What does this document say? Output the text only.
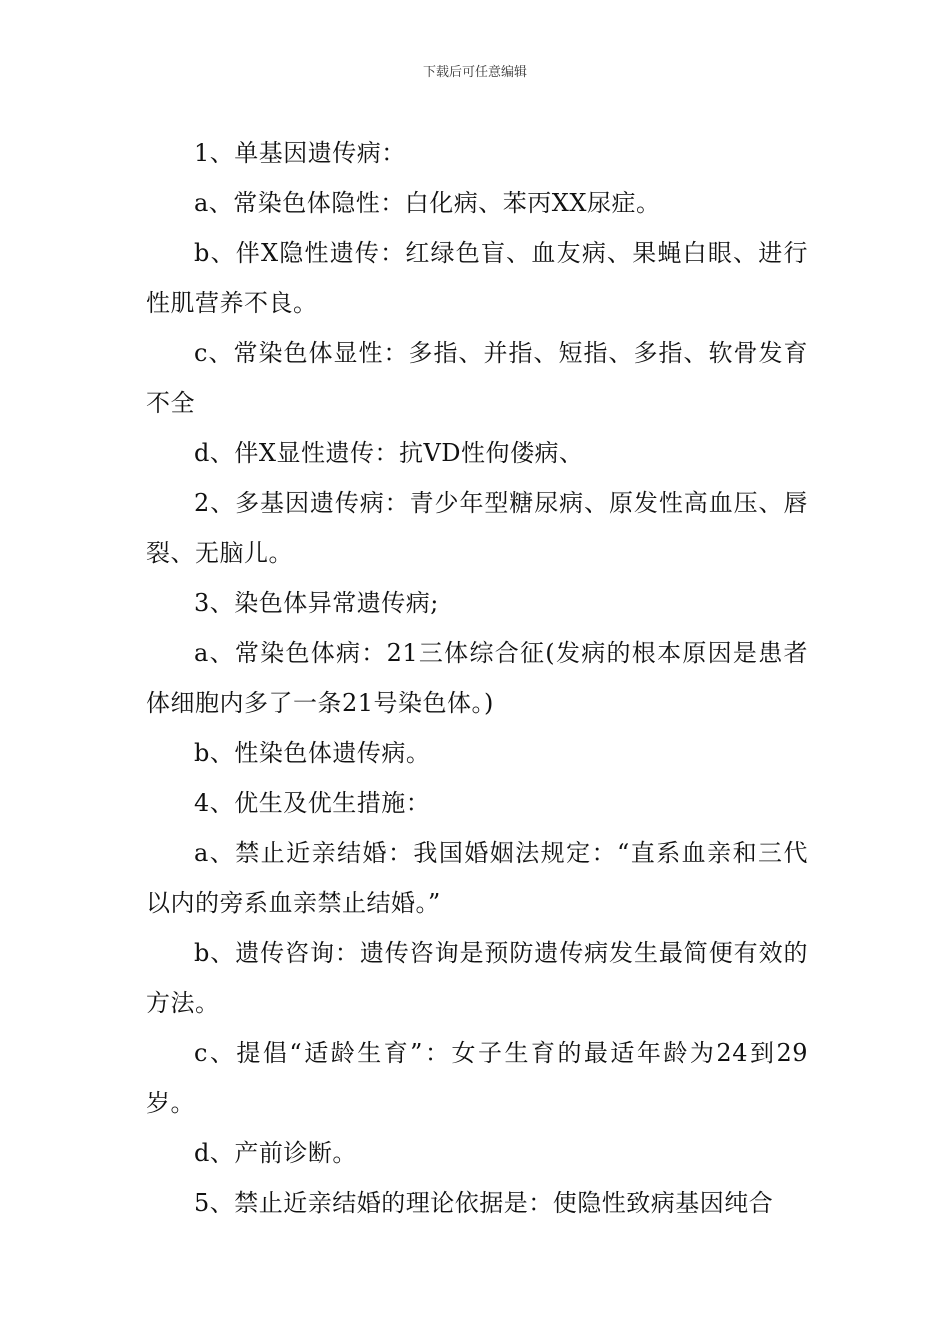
下载后可任意编辑

1、单基因遗传病：

a、常染色体隐性：白化病、苯丙XX尿症。

b、伴X隐性遗传：红绿色盲、血友病、果蝇白眼、进行性肌营养不良。

c、常染色体显性：多指、并指、短指、多指、软骨发育不全

d、伴X显性遗传：抗VD性佝偻病、

2、多基因遗传病：青少年型糖尿病、原发性高血压、唇裂、无脑儿。

3、染色体异常遗传病;

a、常染色体病：21三体综合征(发病的根本原因是患者体细胞内多了一条21号染色体。)

b、性染色体遗传病。

4、优生及优生措施：

a、禁止近亲结婚：我国婚姻法规定：“直系血亲和三代以内的旁系血亲禁止结婚。”

b、遗传咨询：遗传咨询是预防遗传病发生最简便有效的方法。

c、提倡“适龄生育”：女子生育的最适年龄为24到29岁。

d、产前诊断。

5、禁止近亲结婚的理论依据是：使隐性致病基因纯合
